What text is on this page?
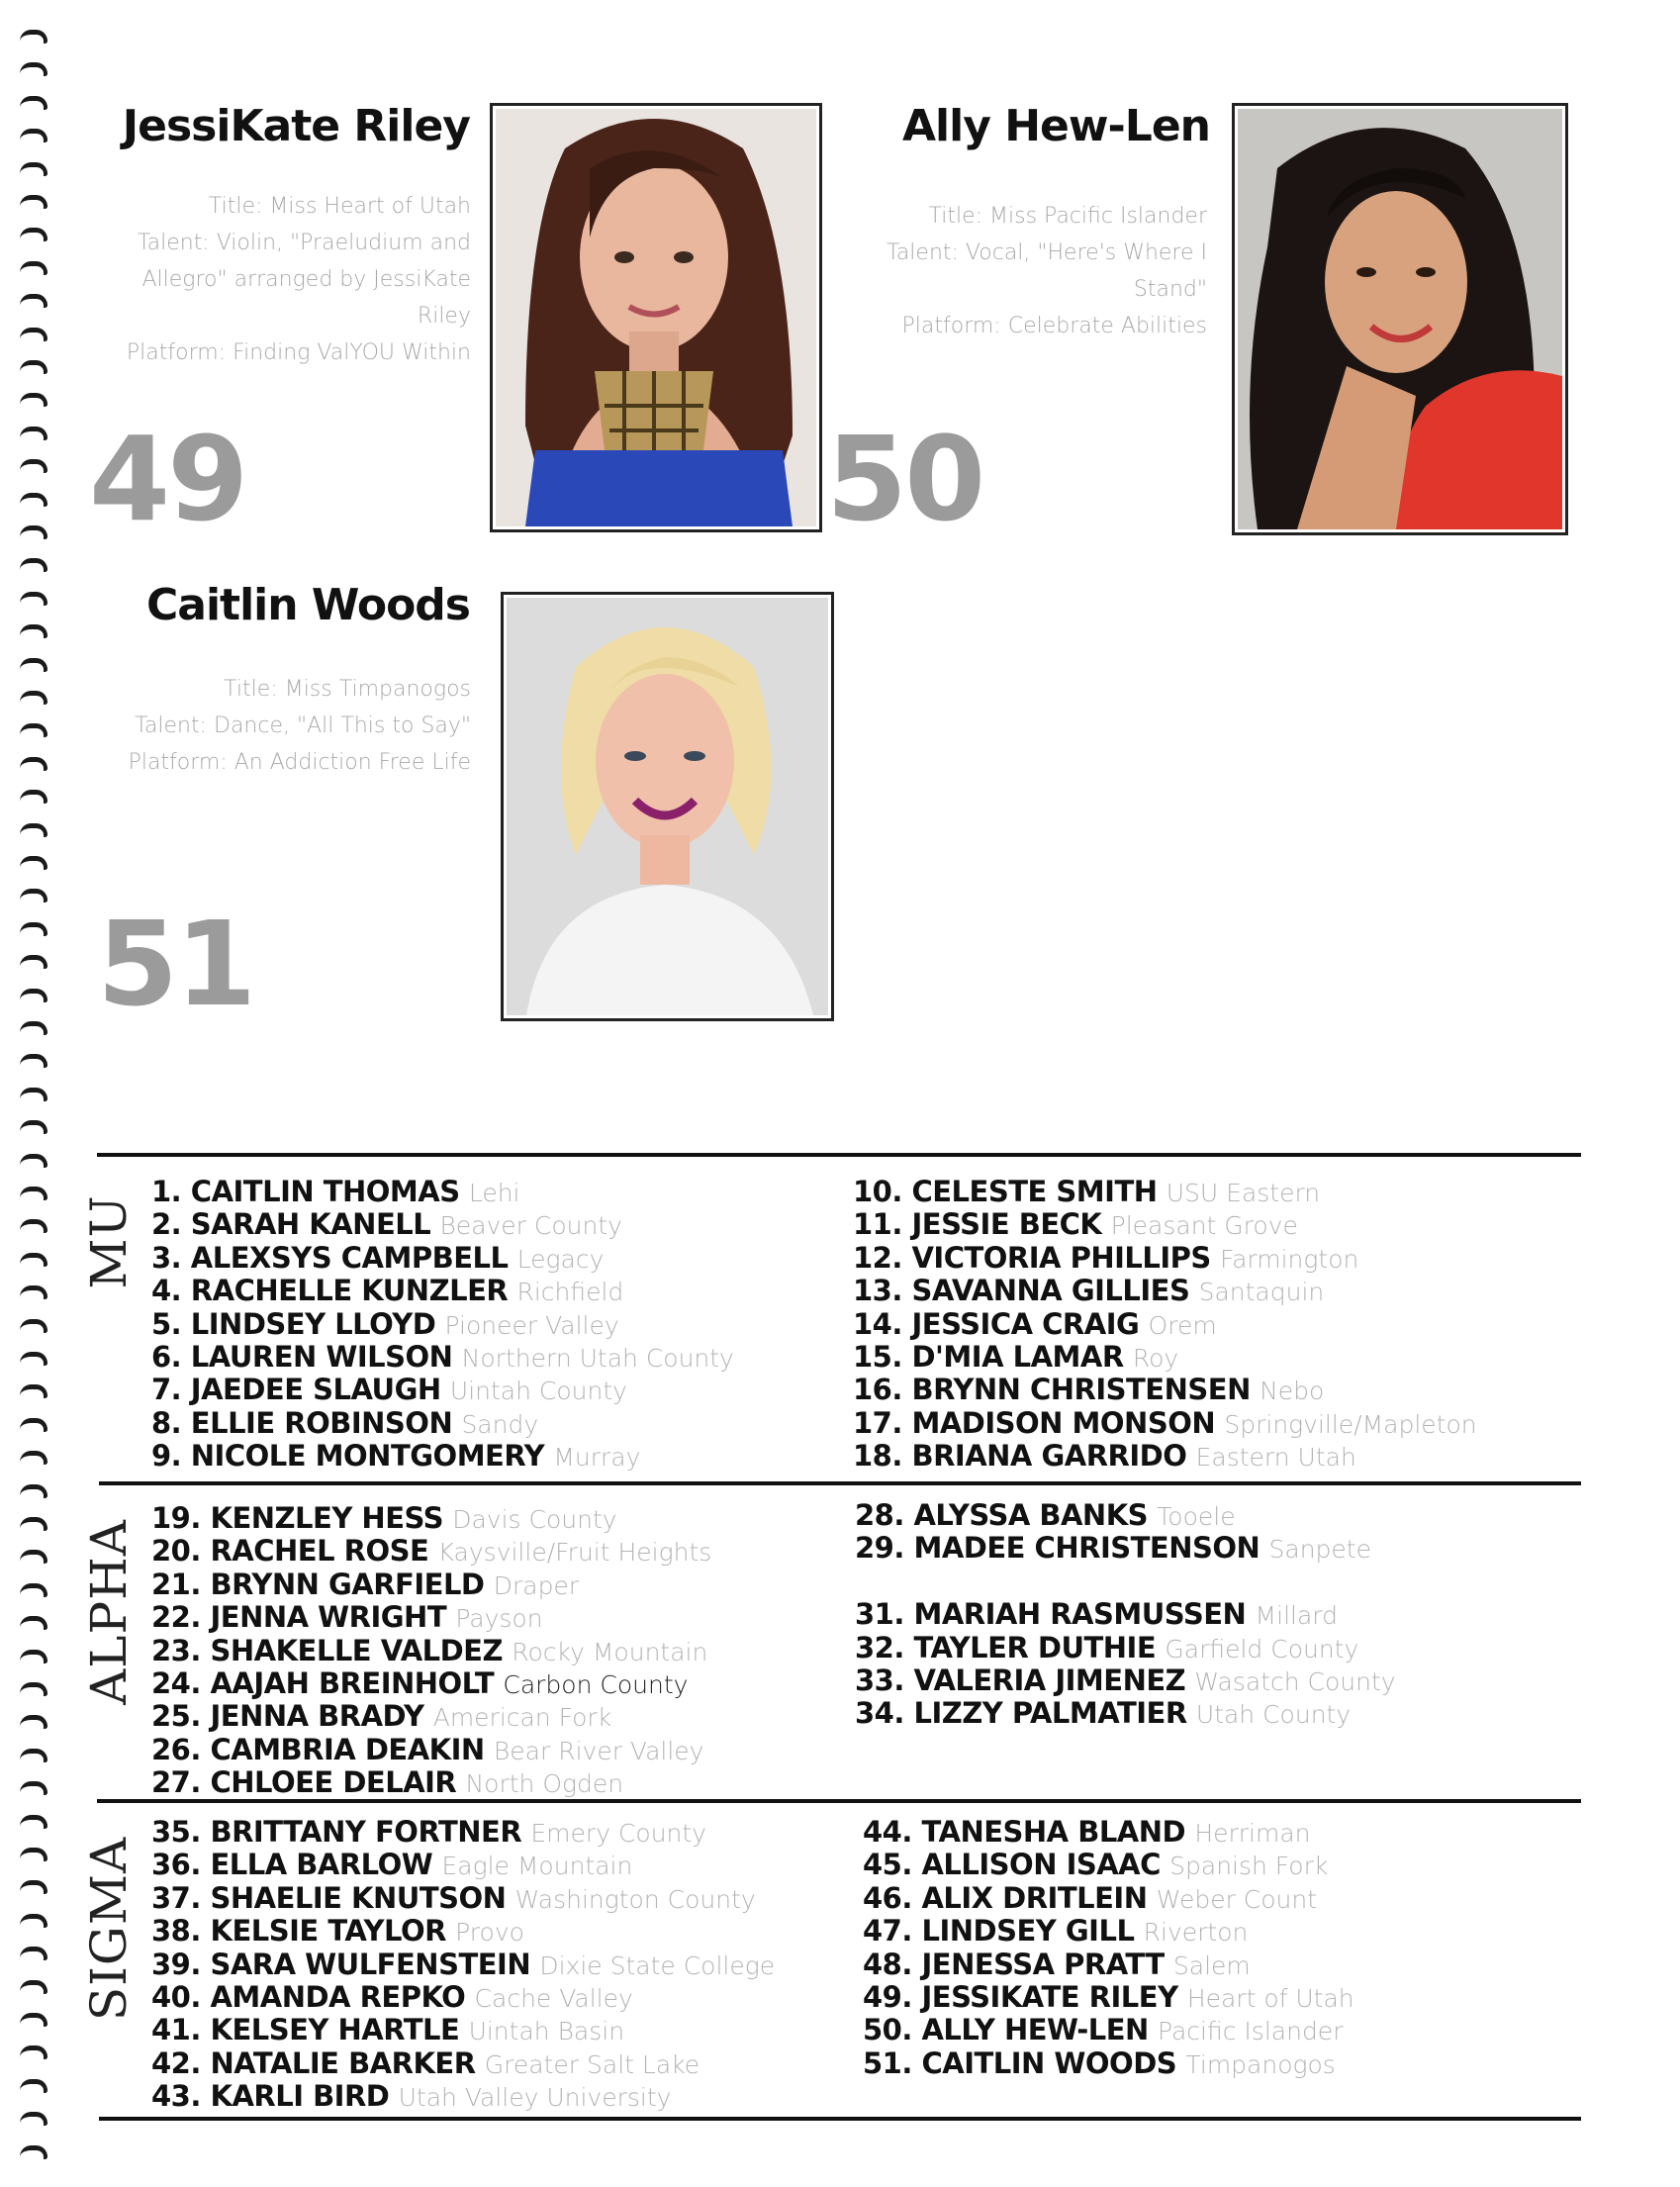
JessiKate Riley
Title: Miss Heart of Utah
Talent: Violin, "Praeludium and Allegro" arranged by JessiKate Riley
Platform: Finding ValYOU Within
49
Ally Hew-Len
Title: Miss Pacific Islander
Talent: Vocal, "Here's Where I Stand"
Platform: Celebrate Abilities
50
Caitlin Woods
Title: Miss Timpanogos
Talent: Dance, "All This to Say"
Platform: An Addiction Free Life
51
MU
1. CAITLIN THOMAS Lehi
2. SARAH KANELL Beaver County
3. ALEXSYS CAMPBELL Legacy
4. RACHELLE KUNZLER Richfield
5. LINDSEY LLOYD Pioneer Valley
6. LAUREN WILSON Northern Utah County
7. JAEDEE SLAUGH Uintah County
8. ELLIE ROBINSON Sandy
9. NICOLE MONTGOMERY Murray
10. CELESTE SMITH USU Eastern
11. JESSIE BECK Pleasant Grove
12. VICTORIA PHILLIPS Farmington
13. SAVANNA GILLIES Santaquin
14. JESSICA CRAIG Orem
15. D'MIA LAMAR Roy
16. BRYNN CHRISTENSEN Nebo
17. MADISON MONSON Springville/Mapleton
18. BRIANA GARRIDO Eastern Utah
ALPHA
19. KENZLEY HESS Davis County
20. RACHEL ROSE Kaysville/Fruit Heights
21. BRYNN GARFIELD Draper
22. JENNA WRIGHT Payson
23. SHAKELLE VALDEZ Rocky Mountain
24. AAJAH BREINHOLT Carbon County
25. JENNA BRADY American Fork
26. CAMBRIA DEAKIN Bear River Valley
27. CHLOEE DELAIR North Ogden
28. ALYSSA BANKS Tooele
29. MADEE CHRISTENSON Sanpete
31. MARIAH RASMUSSEN Millard
32. TAYLER DUTHIE Garfield County
33. VALERIA JIMENEZ Wasatch County
34. LIZZY PALMATIER Utah County
SIGMA
35. BRITTANY FORTNER Emery County
36. ELLA BARLOW Eagle Mountain
37. SHAELIE KNUTSON Washington County
38. KELSIE TAYLOR Provo
39. SARA WULFENSTEIN Dixie State College
40. AMANDA REPKO Cache Valley
41. KELSEY HARTLE Uintah Basin
42. NATALIE BARKER Greater Salt Lake
43. KARLI BIRD Utah Valley University
44. TANESHA BLAND Herriman
45. ALLISON ISAAC Spanish Fork
46. ALIX DRITLEIN Weber Count
47. LINDSEY GILL Riverton
48. JENESSA PRATT Salem
49. JESSIKATE RILEY Heart of Utah
50. ALLY HEW-LEN Pacific Islander
51. CAITLIN WOODS Timpanogos
